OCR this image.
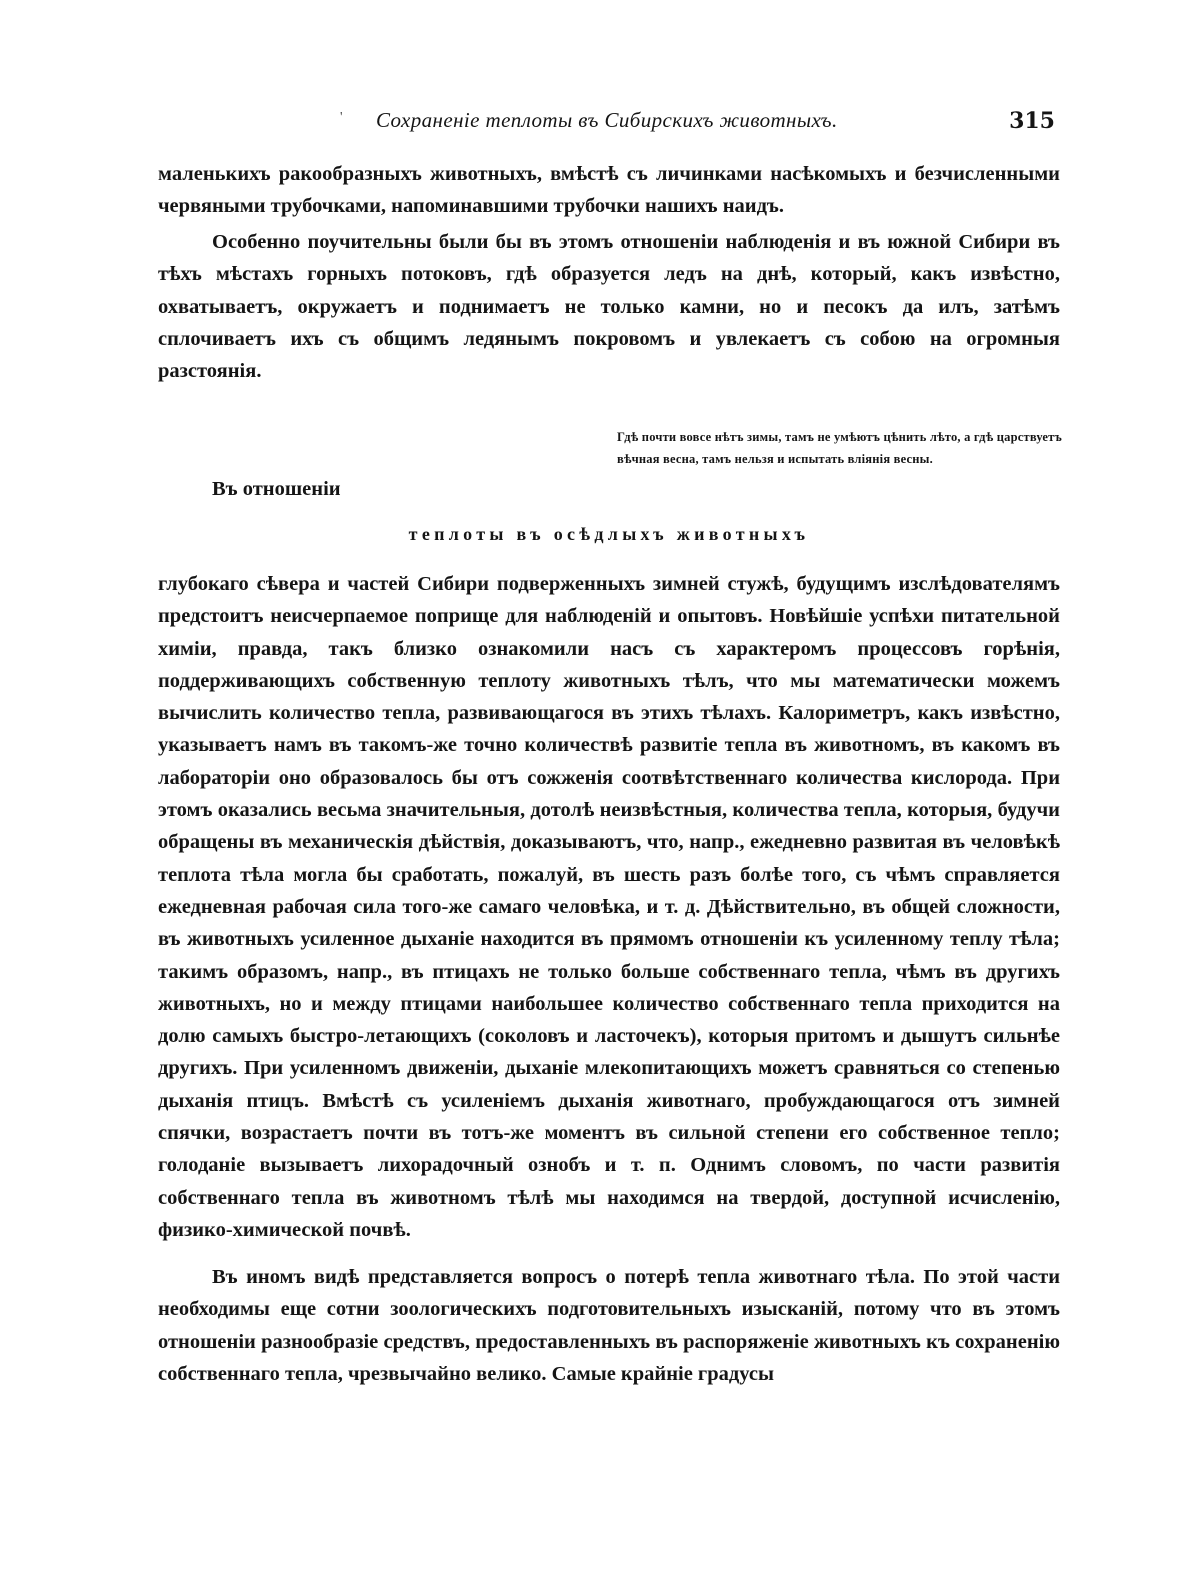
' Сохраненіе теплоты въ Сибирскихъ животныхъ.	315

маленькихъ ракообразныхъ животныхъ, вмѣстѣ съ личинками насѣкомыхъ и безчисленными червяными трубочками, напоминавшими трубочки нашихъ наидъ.

Особенно поучительны были бы въ этомъ отношеніи наблюденія и въ южной Сибири въ тѣхъ мѣстахъ горныхъ потоковъ, гдѣ образуется ледъ на днѣ, который, какъ извѣстно, охватываетъ, окружаетъ и поднимаетъ не только камни, но и песокъ да илъ, затѣмъ сплочиваетъ ихъ съ общимъ ледянымъ покровомъ и увлекаетъ съ собою на огромныя разстоянія.

Гдѣ почти вовсе нѣтъ зимы, тамъ не умѣютъ цѣнить лѣто, а гдѣ царствуетъ вѣчная весна, тамъ нельзя и испытать вліянія весны.
Въ отношеніи
теплоты въ осѣдлыхъ животныхъ

глубокаго сѣвера и частей Сибири подверженныхъ зимней стужѣ, будущимъ изслѣдователямъ предстоитъ неисчерпаемое поприще для наблюденій и опытовъ. Новѣйшіе успѣхи питательной химіи, правда, такъ близко ознакомили насъ съ характеромъ процессовъ горѣнія, поддерживающихъ собственную теплоту животныхъ тѣлъ, что мы математически можемъ вычислить количество тепла, развивающагося въ этихъ тѣлахъ. Калориметръ, какъ извѣстно, указываетъ намъ въ такомъ-же точно количествѣ развитіе тепла въ животномъ, въ какомъ въ лабораторіи оно образовалось бы отъ сожженія соотвѣтственнаго количества кислорода. При этомъ оказались весьма значительныя, дотолѣ неизвѣстныя, количества тепла, которыя, будучи обращены въ механическія дѣйствія, доказываютъ, что, напр., ежедневно развитая въ человѣкѣ теплота тѣла могла бы сработать, пожалуй, въ шесть разъ болѣе того, съ чѣмъ справляется ежедневная рабочая сила того-же самаго человѣка, и т. д. Дѣйствительно, въ общей сложности, въ животныхъ усиленное дыханіе находится въ прямомъ отношеніи къ усиленному теплу тѣла; такимъ образомъ, напр., въ птицахъ не только больше собственнаго тепла, чѣмъ въ другихъ животныхъ, но и между птицами наибольшее количество собственнаго тепла приходится на долю самыхъ быстро-летающихъ (соколовъ и ласточекъ), которыя притомъ и дышутъ сильнѣе другихъ. При усиленномъ движеніи, дыханіе млекопитающихъ можетъ сравняться со степенью дыханія птицъ. Вмѣстѣ съ усиленіемъ дыханія животнаго, пробуждающагося отъ зимней спячки, возрастаетъ почти въ тотъ-же моментъ въ сильной степени его собственное тепло; голоданіе вызываетъ лихорадочный ознобъ и т. п. Однимъ словомъ, по части развитія собственнаго тепла въ животномъ тѣлѣ мы находимся на твердой, доступной исчисленію, физико-химической почвѣ.

Въ иномъ видѣ представляется вопросъ о потерѣ тепла животнаго тѣла. По этой части необходимы еще сотни зоологическихъ подготовительныхъ изысканій, потому что въ этомъ отношеніи разнообразіе средствъ, предоставленныхъ въ распоряженіе животныхъ къ сохраненію собственнаго тепла, чрезвычайно велико. Самые крайніе градусы
